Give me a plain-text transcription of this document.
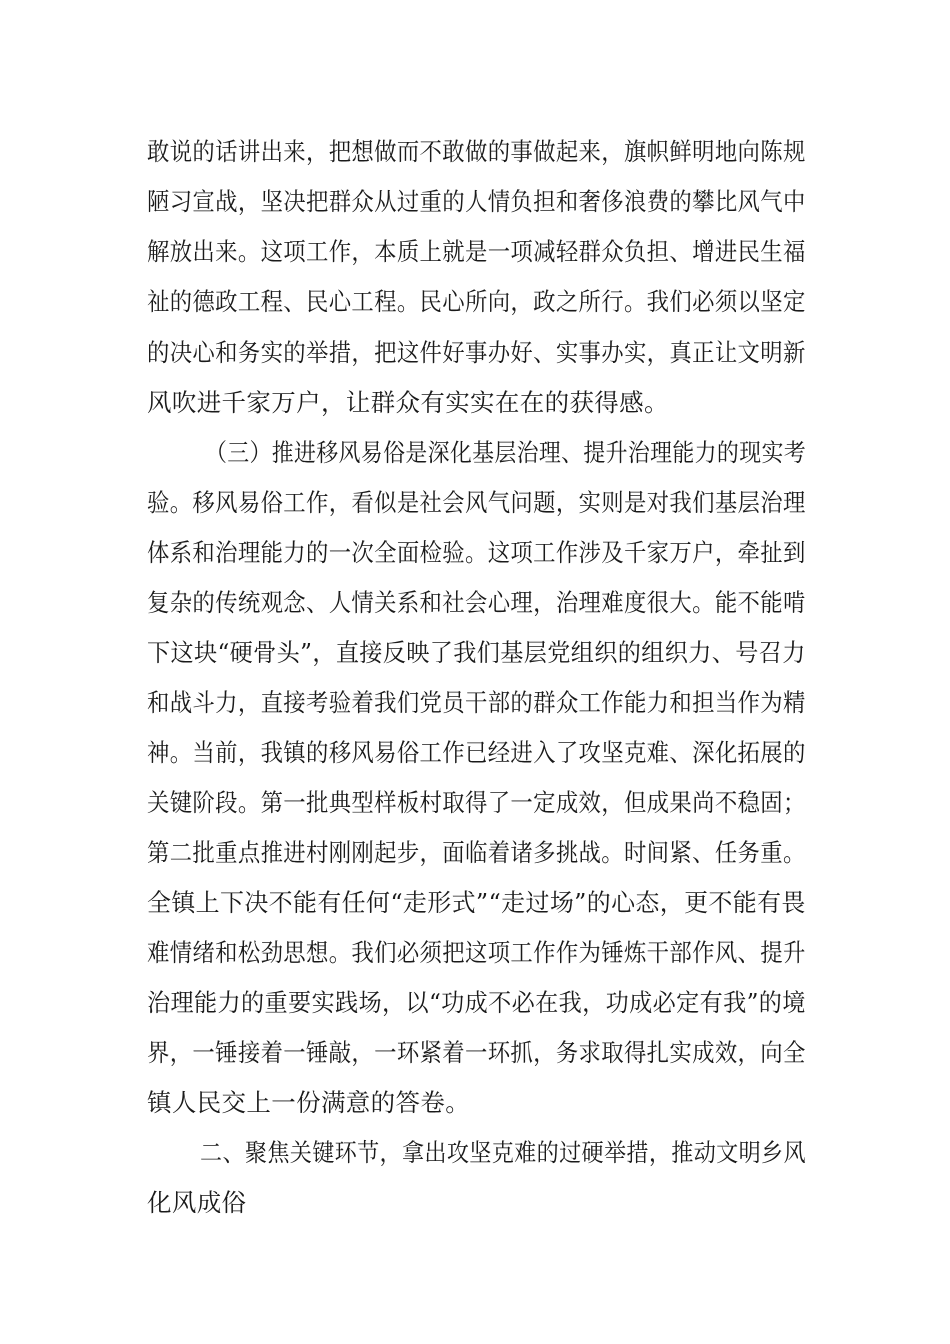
敢说的话讲出来，把想做而不敢做的事做起来，旗帜鲜明地向陈规
陋习宣战，坚决把群众从过重的人情负担和奢侈浪费的攀比风气中
解放出来。这项工作，本质上就是一项减轻群众负担、增进民生福
祉的德政工程、民心工程。民心所向，政之所行。我们必须以坚定
的决心和务实的举措，把这件好事办好、实事办实，真正让文明新
风吹进千家万户，让群众有实实在在的获得感。
（三）推进移风易俗是深化基层治理、提升治理能力的现实考
验。移风易俗工作，看似是社会风气问题，实则是对我们基层治理
体系和治理能力的一次全面检验。这项工作涉及千家万户，牵扯到
复杂的传统观念、人情关系和社会心理，治理难度很大。能不能啃
下这块“硬骨头”，直接反映了我们基层党组织的组织力、号召力
和战斗力，直接考验着我们党员干部的群众工作能力和担当作为精
神。当前，我镇的移风易俗工作已经进入了攻坚克难、深化拓展的
关键阶段。第一批典型样板村取得了一定成效，但成果尚不稳固；
第二批重点推进村刚刚起步，面临着诸多挑战。时间紧、任务重。
全镇上下决不能有任何“走形式”“走过场”的心态，更不能有畏
难情绪和松劲思想。我们必须把这项工作作为锤炼干部作风、提升
治理能力的重要实践场，以“功成不必在我，功成必定有我”的境
界，一锤接着一锤敲，一环紧着一环抓，务求取得扎实成效，向全
镇人民交上一份满意的答卷。
二、聚焦关键环节，拿出攻坚克难的过硬举措，推动文明乡风
化风成俗
